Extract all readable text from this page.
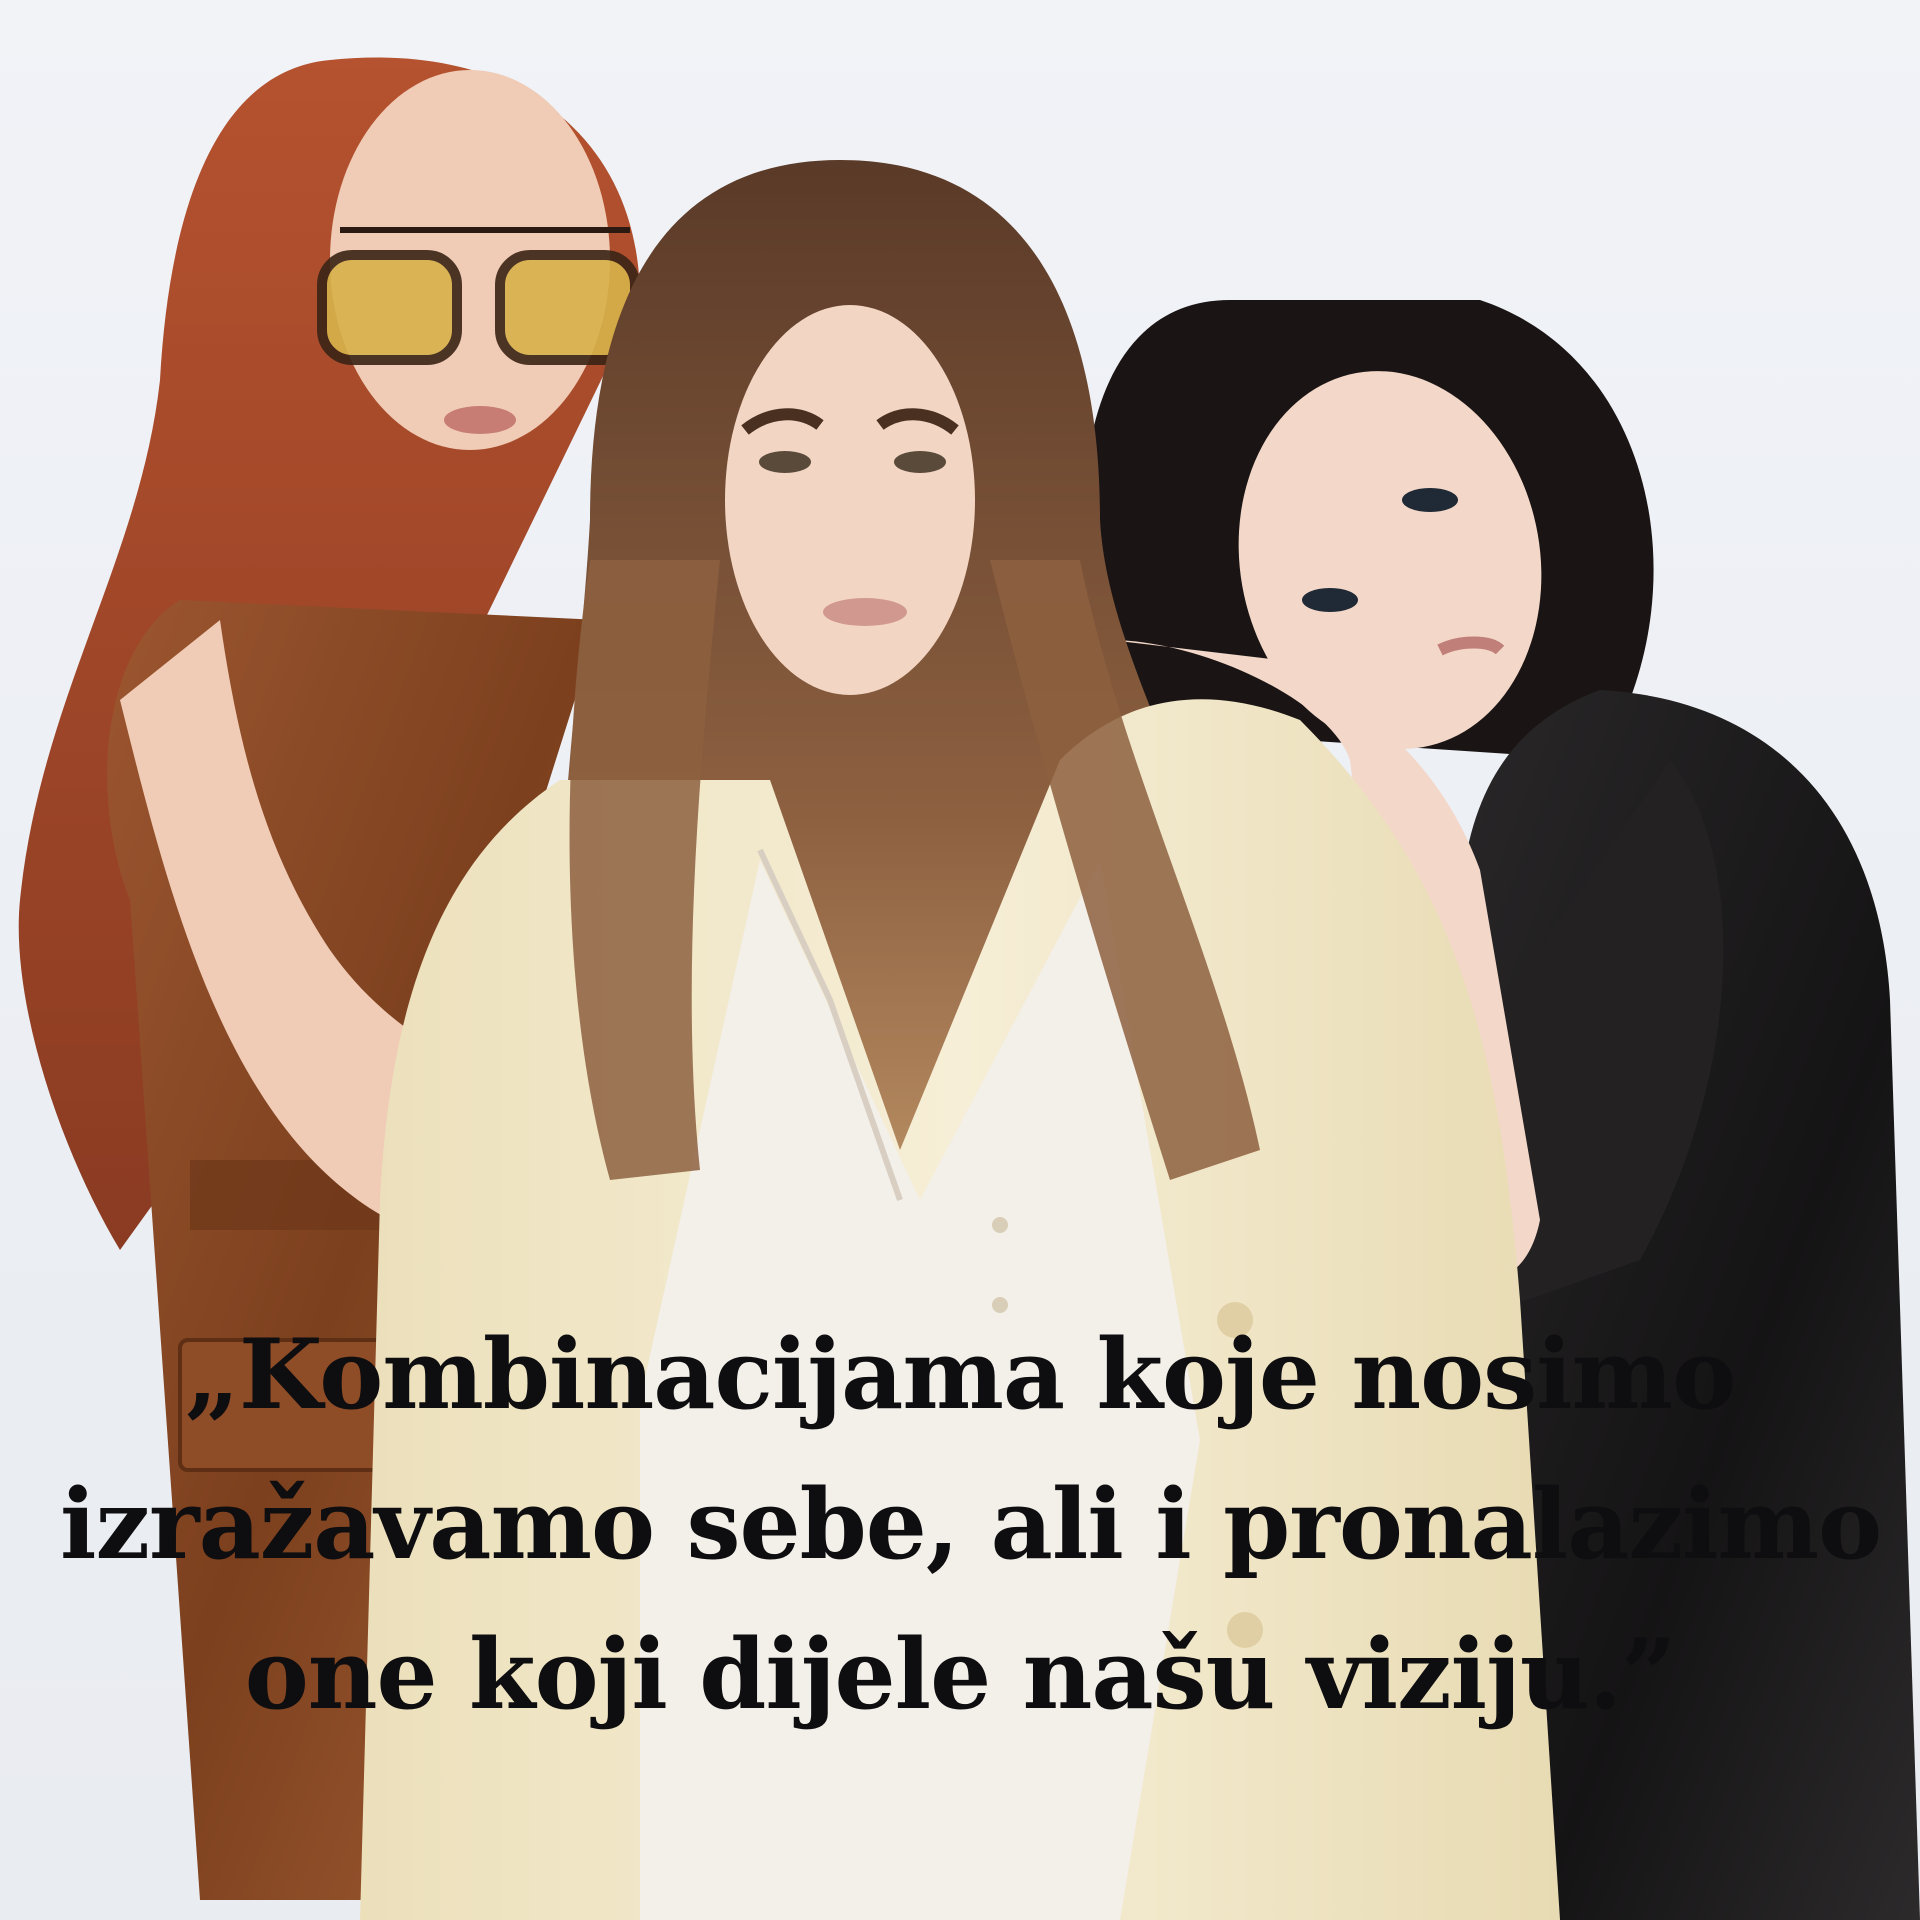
„Kombinacijama koje nosimo
izražavamo sebe, ali i pronalazimo
one koji dijele našu viziju.”
